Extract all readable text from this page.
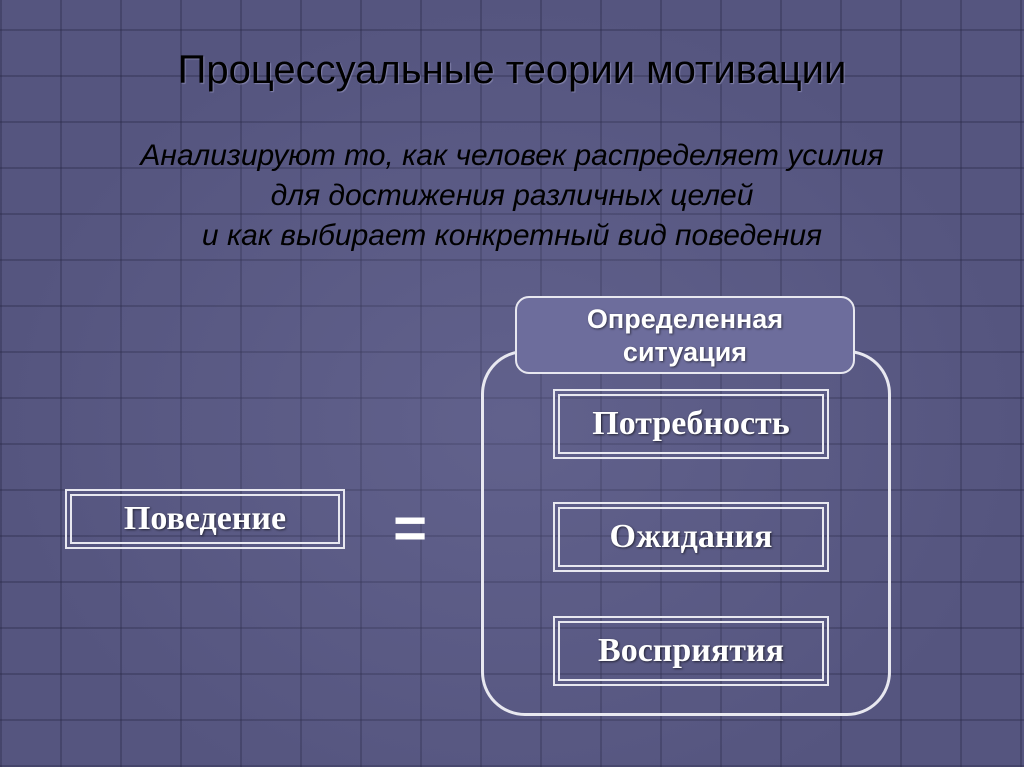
Процессуальные теории мотивации
Анализируют то, как человек распределяет усилия
для достижения различных целей
и как выбирает конкретный вид поведения
Поведение	=
Определенная
ситуация
Потребность
Ожидания
Восприятия
